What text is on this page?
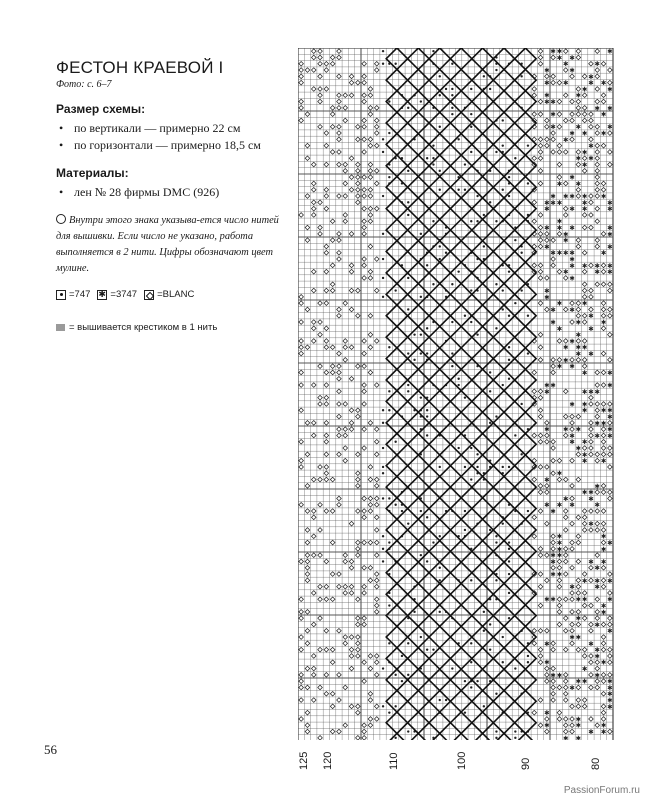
ФЕСТОН КРАЕВОЙ I
Фото: с. 6–7
Размер схемы:
• по вертикали — примерно 22 см
• по горизонтали — примерно 18,5 см
Материалы:
• лен № 28 фирмы DMC (926)
Внутри этого знака указыва-ется число нитей для вышивки. Если число не указано, работа выполняется в 2 нити. Цифры обозначают цвет мулине.
=747 ✱ =3747 =BLANC
= вышивается крестиком в 1 нить
56
✱ ✱	✱
✱ ✱
✱	✱
✱	✱
✱
✱ ✱	✱ ✱
✱	✱
✱	✱
✱ ✱
✱ ✱
✱	✱
✱	✱	✱
✱ ✱ ✱
✱
✱
✱
✱ ✱
✱
✱
✱ ✱
✱ ✱ ✱ ✱ ✱
✱ ✱ ✱	✱	✱
✱	✱ ✱	✱
✱
✱ ✱ ✱	✱
✱	✱
✱
✱	✱
✱ ✱ ✱ ✱	✱
✱
✱ ✱ ✱ ✱
✱	✱ ✱
✱
✱
✱
✱	✱
✱ ✱
✱
✱	✱	✱
✱	✱
✱
✱
✱ ✱ ✱
✱ ✱
✱
✱ ✱
✱	✱
✱ ✱	✱
✱	✱ ✱ ✱
✱ ✱
✱ ✱ ✱
✱
✱ ✱
✱ ✱ ✱	✱
✱	✱ ✱
✱ ✱
✱
✱
✱ ✱
✱
✱
✱
✱ ✱
✱	✱
✱ ✱ ✱	✱
✱
✱
✱	✱
✱	✱
✱	✱
✱ ✱
✱	✱ ✱
✱
✱ ✱
✱ ✱ ✱
✱	✱
✱ ✱	✱ ✱	✱
✱
✱
✱
✱
✱
✱ ✱
✱	✱
✱
✱
✱	✱
✱
✱ ✱	✱
✱ ✱	✱
✱	✱
✱
✱
✱
✱
✱
✱	✱	✱
✱ ✱
✱ ✱
125 120	110	100	90	80
PassionForum.ru
